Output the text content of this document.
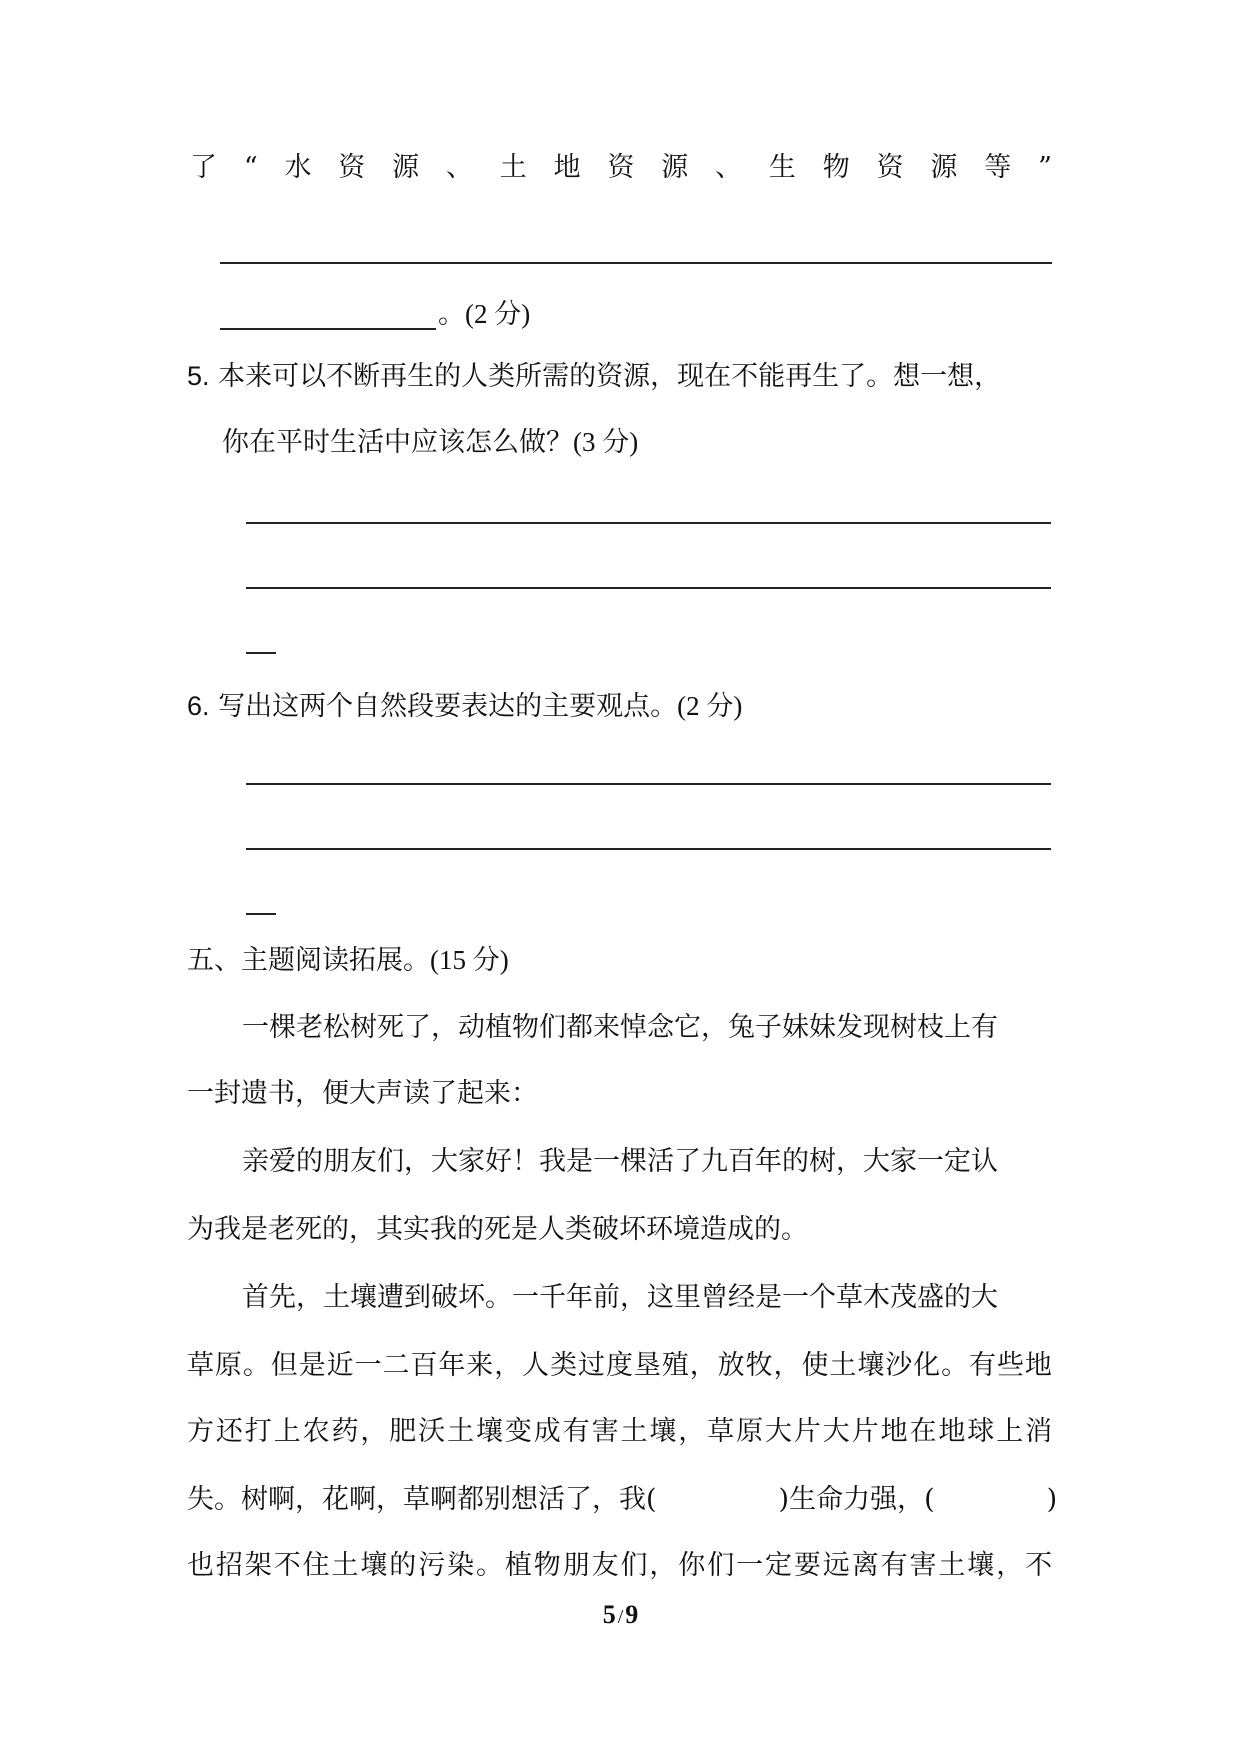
了 “ 水 资 源 、 土 地 资 源 、 生 物 资 源 等 ”
。(2 分)
5. 本来可以不断再生的人类所需的资源，现在不能再生了。想一想，
你在平时生活中应该怎么做？(3 分)
6. 写出这两个自然段要表达的主要观点。(2 分)
五、主题阅读拓展。(15 分)
一棵老松树死了，动植物们都来悼念它，兔子妹妹发现树枝上有
一封遗书，便大声读了起来：
亲爱的朋友们，大家好！我是一棵活了九百年的树，大家一定认
为我是老死的，其实我的死是人类破坏环境造成的。
首先，土壤遭到破坏。一千年前，这里曾经是一个草木茂盛的大
草原。但是近一二百年来，人类过度垦殖，放牧，使土壤沙化。有些地
方还打上农药，肥沃土壤变成有害土壤，草原大片大片地在地球上消
失。树啊，花啊，草啊都别想活了，我(	)生命力强，(	)
也招架不住土壤的污染。植物朋友们，你们一定要远离有害土壤，不
5 /9
